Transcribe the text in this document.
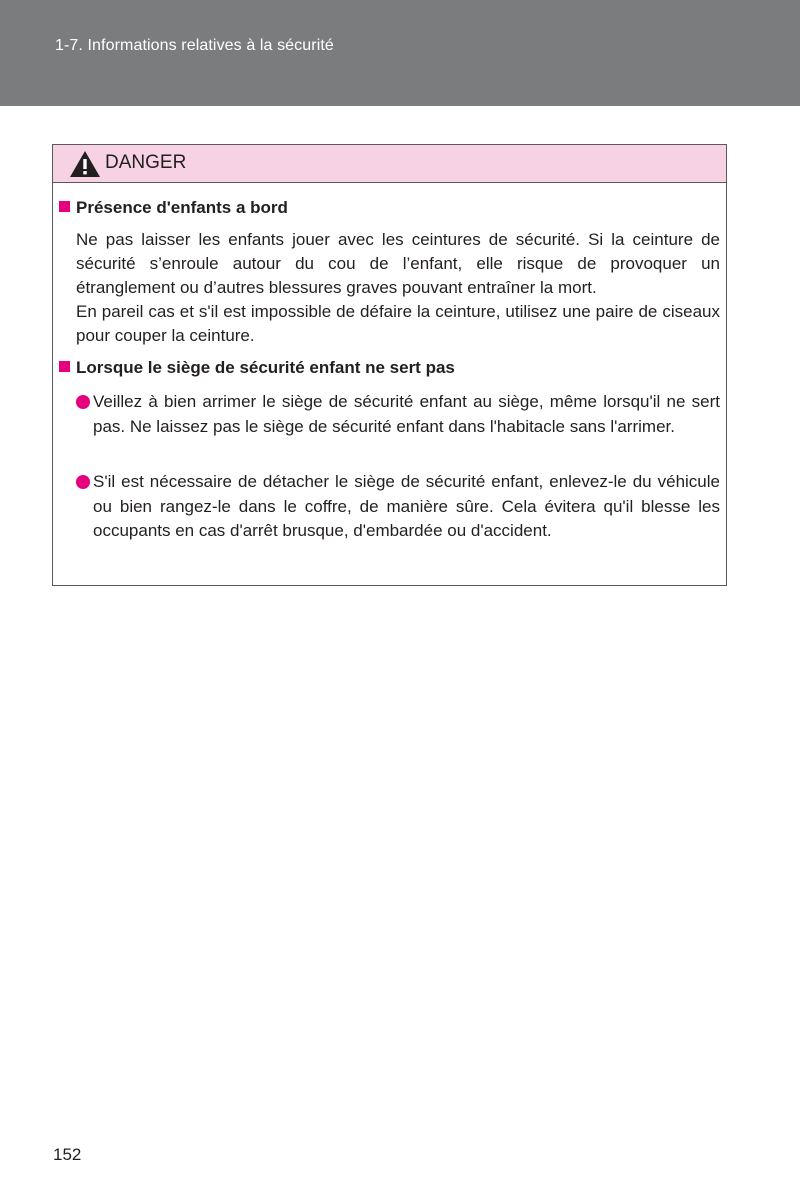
1-7. Informations relatives à la sécurité
DANGER
Présence d'enfants a bord
Ne pas laisser les enfants jouer avec les ceintures de sécurité. Si la ceinture de sécurité s’enroule autour du cou de l’enfant, elle risque de provoquer un étranglement ou d’autres blessures graves pouvant entraîner la mort.
En pareil cas et s'il est impossible de défaire la ceinture, utilisez une paire de ciseaux pour couper la ceinture.
Lorsque le siège de sécurité enfant ne sert pas
Veillez à bien arrimer le siège de sécurité enfant au siège, même lorsqu'il ne sert pas. Ne laissez pas le siège de sécurité enfant dans l'habitacle sans l'arrimer.
S'il est nécessaire de détacher le siège de sécurité enfant, enlevez-le du véhicule ou bien rangez-le dans le coffre, de manière sûre. Cela évitera qu'il blesse les occupants en cas d'arrêt brusque, d'embardée ou d'accident.
152
